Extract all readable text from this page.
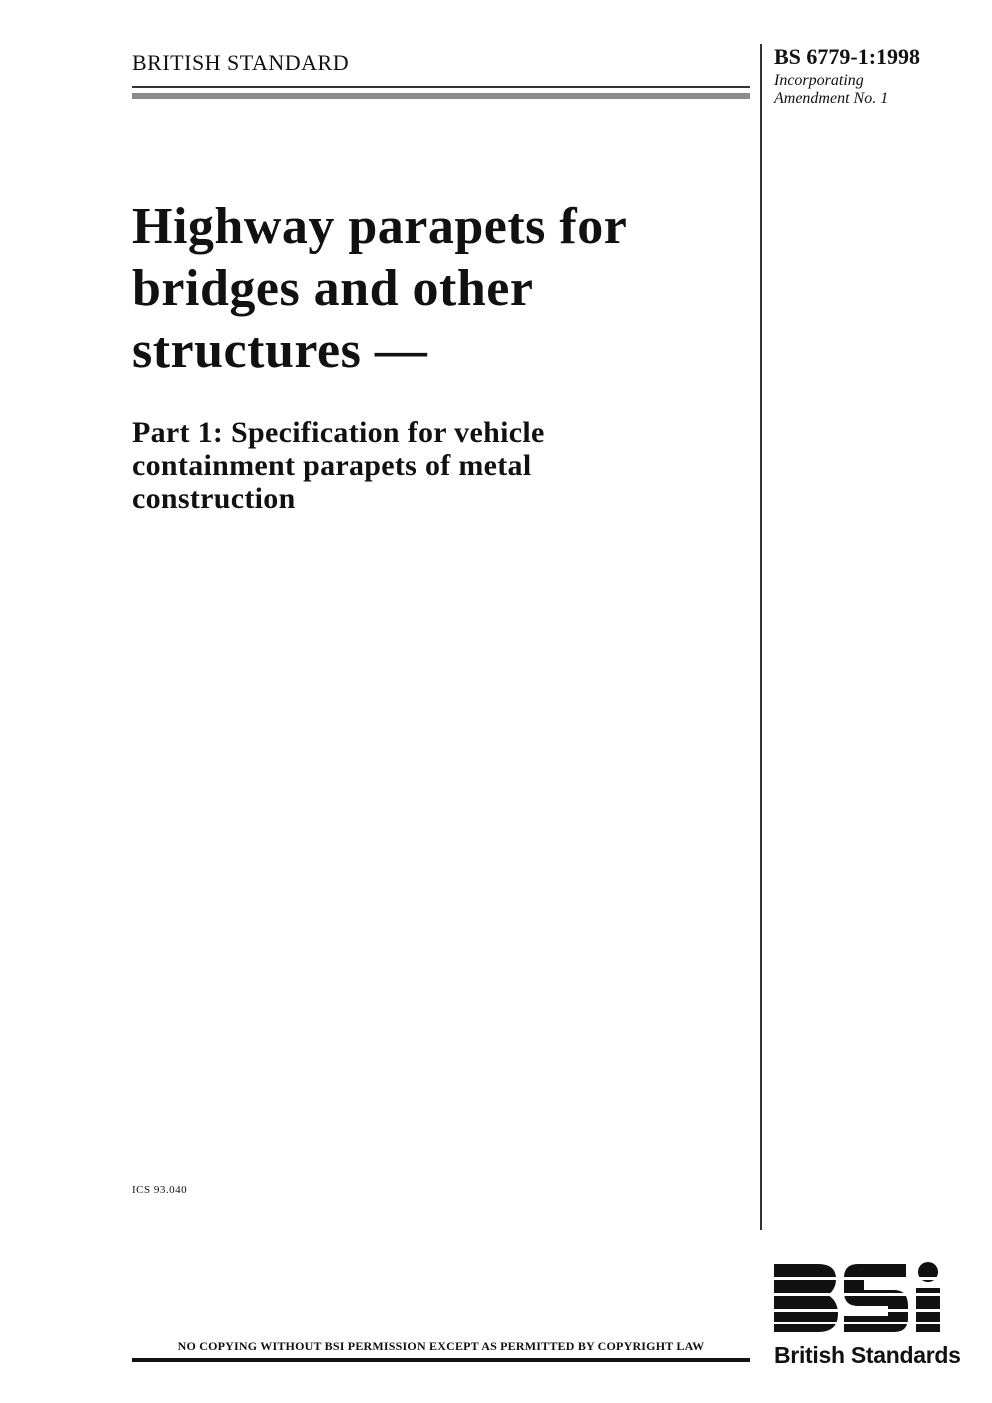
BRITISH STANDARD	BS 6779-1:1998
Incorporating
Amendment No. 1
Highway parapets for bridges and other structures —
Part 1: Specification for vehicle containment parapets of metal construction
ICS 93.040
NO COPYING WITHOUT BSI PERMISSION EXCEPT AS PERMITTED BY COPYRIGHT LAW	British Standards
